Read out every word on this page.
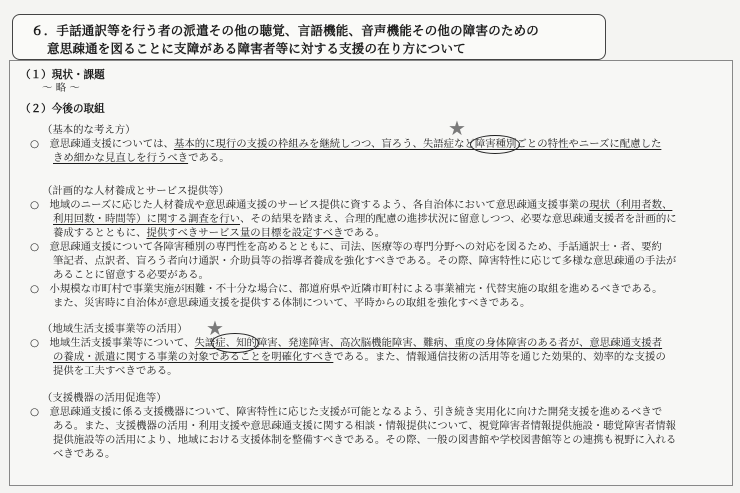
６．手話通訳等を行う者の派遣その他の聴覚、言語機能、音声機能その他の障害のための
意思疎通を図ることに支障がある障害者等に対する支援の在り方について
（１）現状・課題
～ 略 ～
（２）今後の取組
（基本的な考え方）
○　意思疎通支援については、基本的に現行の支援の枠組みを継続しつつ、盲ろう、失語症など障害種別ごとの特性やニーズに配慮した
きめ細かな見直しを行うべきである。
★
（計画的な人材養成とサービス提供等）
○　地域のニーズに応じた人材養成や意思疎通支援のサービス提供に資するよう、各自治体において意思疎通支援事業の現状（利用者数、
利用回数・時間等）に関する調査を行い、その結果を踏まえ、合理的配慮の進捗状況に留意しつつ、必要な意思疎通支援者を計画的に
養成するとともに、提供すべきサービス量の目標を設定すべきである。
○　意思疎通支援について各障害種別の専門性を高めるとともに、司法、医療等の専門分野への対応を図るため、手話通訳士・者、要約
筆記者、点訳者、盲ろう者向け通訳・介助員等の指導者養成を強化すべきである。その際、障害特性に応じて多様な意思疎通の手法が
あることに留意する必要がある。
○　小規模な市町村で事業実施が困難・不十分な場合に、都道府県や近隣市町村による事業補完・代替実施の取組を進めるべきである。
また、災害時に自治体が意思疎通支援を提供する体制について、平時からの取組を強化すべきである。
（地域生活支援事業等の活用） ★
○　地域生活支援事業等について、失語症、知的障害、発達障害、高次脳機能障害、難病、重度の身体障害のある者が、意思疎通支援者
の養成・派遣に関する事業の対象であることを明確化すべきである。また、情報通信技術の活用等を通じた効果的、効率的な支援の
提供を工夫すべきである。
（支援機器の活用促進等）
○　意思疎通支援に係る支援機器について、障害特性に応じた支援が可能となるよう、引き続き実用化に向けた開発支援を進めるべきで
ある。また、支援機器の活用・利用支援や意思疎通支援に関する相談・情報提供について、視覚障害者情報提供施設・聴覚障害者情報
提供施設等の活用により、地域における支援体制を整備すべきである。その際、一般の図書館や学校図書館等との連携も視野に入れる
べきである。
